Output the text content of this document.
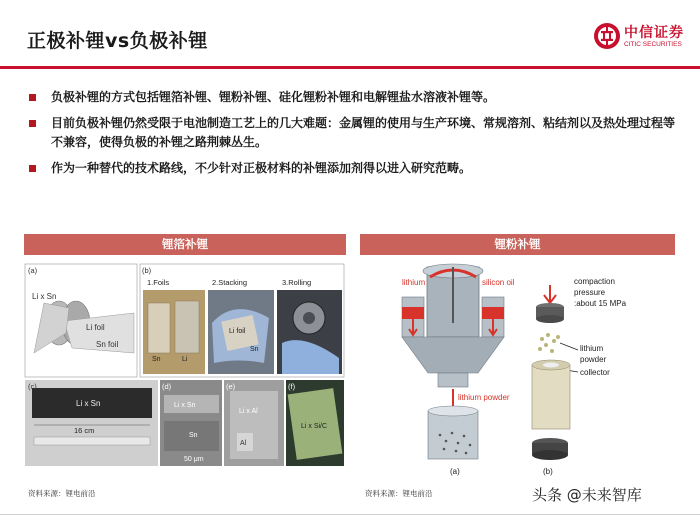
正极补锂vs负极补锂	中信证券
CITIC SECURITIES
负极补锂的方式包括锂箔补锂、锂粉补锂、硅化锂粉补锂和电解锂盐水溶液补锂等。
目前负极补锂仍然受限于电池制造工艺上的几大难题：金属锂的使用与生产环境、常规溶剂、粘结剂以及热处理过程等不兼容，使得负极的补锂之路荆棘丛生。
作为一种替代的技术路线，不少针对正极材料的补锂添加剂得以进入研究范畴。
锂箔补锂	锂粉补锂
(a)
Li x Sn
Li foil
Sn foil
(b)
1.Foils	2.Stacking	3.Rolling
Sn	Li
Li foil
Sn
(c)
Li x Sn
16 cm
(d)
Li x Sn
Sn
50 μm
(e)
Li x Al
Al
(f)
Li x Si/C
lithium	silicon oil
lithium powder
(a)
compaction
pressure
:about 15 MPa
lithium
powder
collector
(b)
资料来源：锂电前沿	资料来源：锂电前沿	头条 @未来智库
